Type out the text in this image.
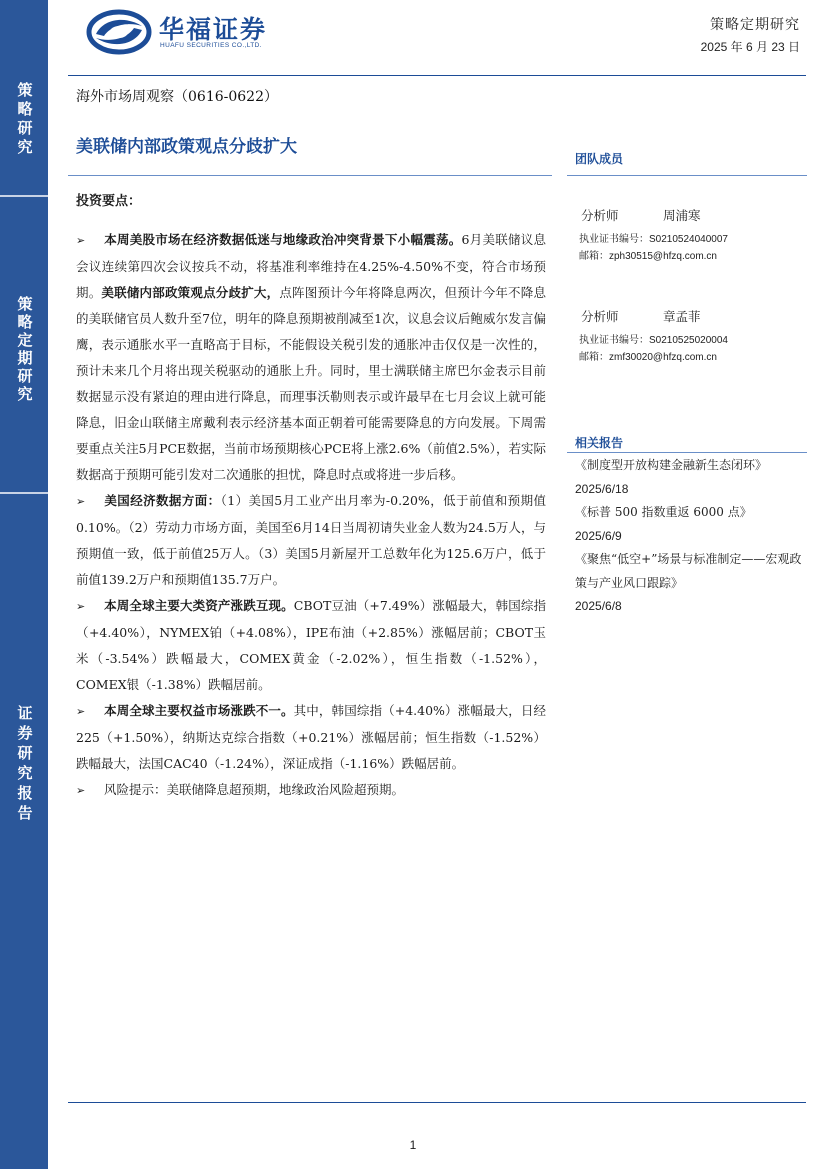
策略研究
策略定期研究
证券研究报告
华福证券
HUAFU SECURITIES CO.,LTD.
策略定期研究
2025 年 6 月 23 日
海外市场周观察（0616-0622）
美联储内部政策观点分歧扩大
投资要点：

➢ 本周美股市场在经济数据低迷与地缘政治冲突背景下小幅震荡。6月美联储议息会议连续第四次会议按兵不动，将基准利率维持在4.25%-4.50%不变，符合市场预期。美联储内部政策观点分歧扩大，点阵图预计今年将降息两次，但预计今年不降息的美联储官员人数升至7位，明年的降息预期被削减至1次，议息会议后鲍威尔发言偏鹰，表示通胀水平一直略高于目标，不能假设关税引发的通胀冲击仅仅是一次性的，预计未来几个月将出现关税驱动的通胀上升。同时，里士满联储主席巴尔金表示目前数据显示没有紧迫的理由进行降息，而理事沃勒则表示或许最早在七月会议上就可能降息，旧金山联储主席戴利表示经济基本面正朝着可能需要降息的方向发展。下周需要重点关注5月PCE数据，当前市场预期核心PCE将上涨2.6%（前值2.5%），若实际数据高于预期可能引发对二次通胀的担忧，降息时点或将进一步后移。

➢ 美国经济数据方面：（1）美国5月工业产出月率为-0.20%，低于前值和预期值0.10%。（2）劳动力市场方面，美国至6月14日当周初请失业金人数为24.5万人，与预期值一致，低于前值25万人。（3）美国5月新屋开工总数年化为125.6万户，低于前值139.2万户和预期值135.7万户。

➢ 本周全球主要大类资产涨跌互现。CBOT豆油（+7.49%）涨幅最大，韩国综指（+4.40%），NYMEX铂（+4.08%），IPE布油（+2.85%）涨幅居前；CBOT玉米（-3.54%）跌幅最大，COMEX黄金（-2.02%），恒生指数（-1.52%），COMEX银（-1.38%）跌幅居前。

➢ 本周全球主要权益市场涨跌不一。其中，韩国综指（+4.40%）涨幅最大，日经225（+1.50%），纳斯达克综合指数（+0.21%）涨幅居前；恒生指数（-1.52%）跌幅最大，法国CAC40（-1.24%），深证成指（-1.16%）跌幅居前。

➢ 风险提示：美联储降息超预期，地缘政治风险超预期。

团队成员
分析师	周浦寒
执业证书编号：S0210524040007
邮箱：zph30515@hfzq.com.cn
分析师	章孟菲
执业证书编号：S0210525020004
邮箱：zmf30020@hfzq.com.cn
相关报告
《制度型开放构建金融新生态闭环》
2025/6/18
《标普 500 指数重返 6000 点》
2025/6/9
《聚焦“低空+”场景与标准制定——宏观政策与产业风口跟踪》
2025/6/8
1
